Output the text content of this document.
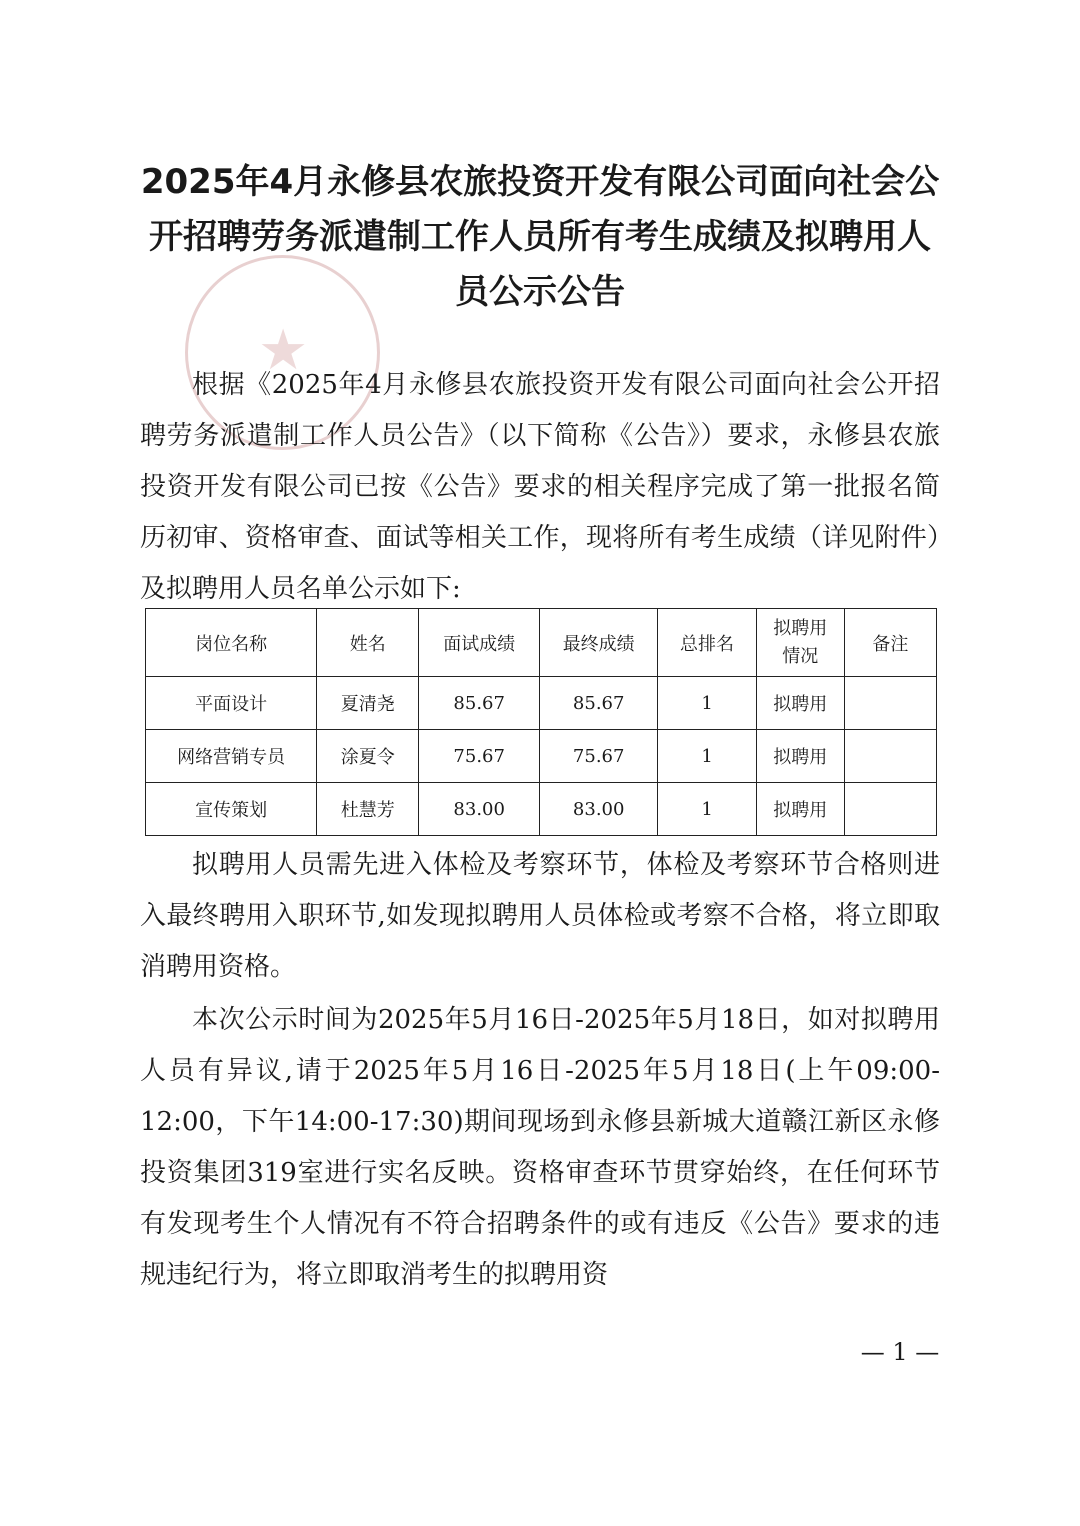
★
2025年4月永修县农旅投资开发有限公司面向社会公开招聘劳务派遣制工作人员所有考生成绩及拟聘用人员公示公告

根据《2025年4月永修县农旅投资开发有限公司面向社会公开招聘劳务派遣制工作人员公告》（以下简称《公告》）要求，永修县农旅投资开发有限公司已按《公告》要求的相关程序完成了第一批报名简历初审、资格审查、面试等相关工作，现将所有考生成绩（详见附件）及拟聘用人员名单公示如下:

岗位名称	姓名	面试成绩	最终成绩	总排名	拟聘用情况	备注
平面设计	夏清尧	85.67	85.67	1	拟聘用	
网络营销专员	涂夏令	75.67	75.67	1	拟聘用	
宣传策划	杜慧芳	83.00	83.00	1	拟聘用	

拟聘用人员需先进入体检及考察环节，体检及考察环节合格则进入最终聘用入职环节,如发现拟聘用人员体检或考察不合格，将立即取消聘用资格。

本次公示时间为2025年5月16日-2025年5月18日，如对拟聘用人员有异议,请于2025年5月16日-2025年5月18日(上午09:00-12:00，下午14:00-17:30)期间现场到永修县新城大道赣江新区永修投资集团319室进行实名反映。资格审查环节贯穿始终，在任何环节有发现考生个人情况有不符合招聘条件的或有违反《公告》要求的违规违纪行为，将立即取消考生的拟聘用资

— 1 —
